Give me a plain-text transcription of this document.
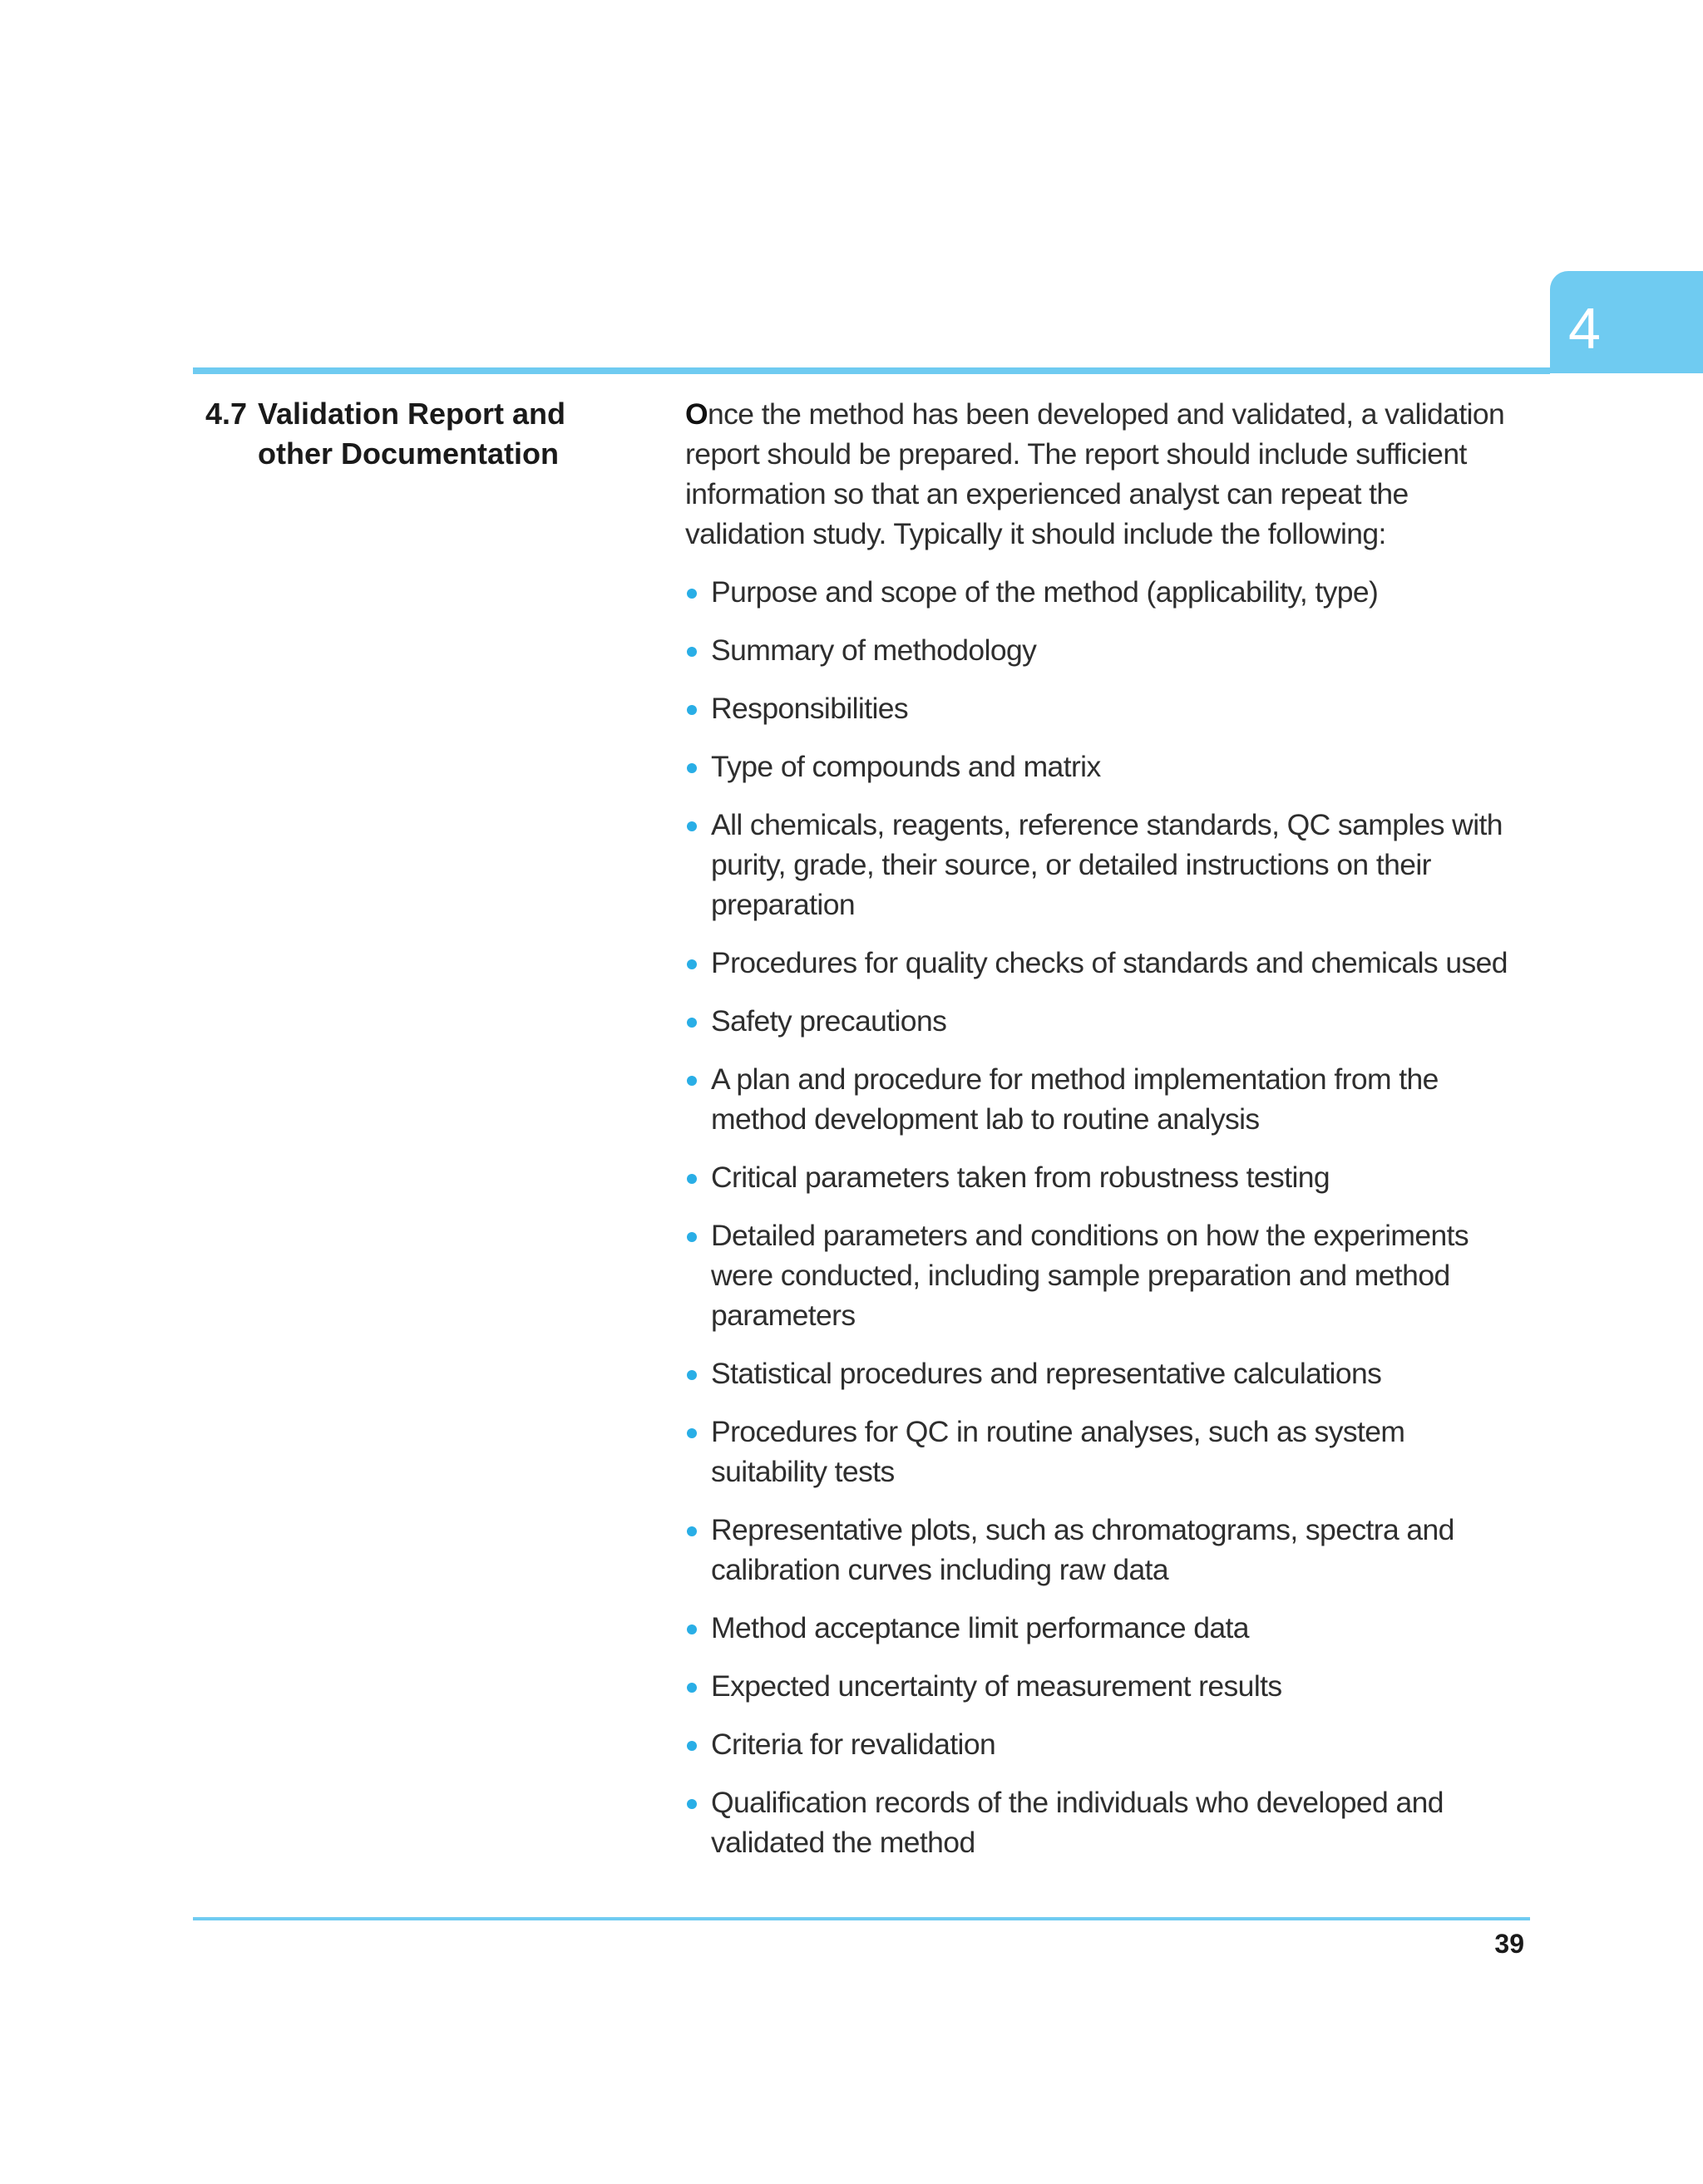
4
4.7 Validation Report and other Documentation

Once the method has been developed and validated, a validation report should be prepared. The report should include sufficient information so that an experienced analyst can repeat the validation study. Typically it should include the following:

Purpose and scope of the method (applicability, type)
Summary of methodology
Responsibilities
Type of compounds and matrix
All chemicals, reagents, reference standards, QC samples with purity, grade, their source, or detailed instructions on their preparation
Procedures for quality checks of standards and chemicals used
Safety precautions
A plan and procedure for method implementation from the method development lab to routine analysis
Critical parameters taken from robustness testing
Detailed parameters and conditions on how the experiments were conducted, including sample preparation and method parameters
Statistical procedures and representative calculations
Procedures for QC in routine analyses, such as system suitability tests
Representative plots, such as chromatograms, spectra and calibration curves including raw data
Method acceptance limit performance data
Expected uncertainty of measurement results
Criteria for revalidation
Qualification records of the individuals who developed and validated the method
39
